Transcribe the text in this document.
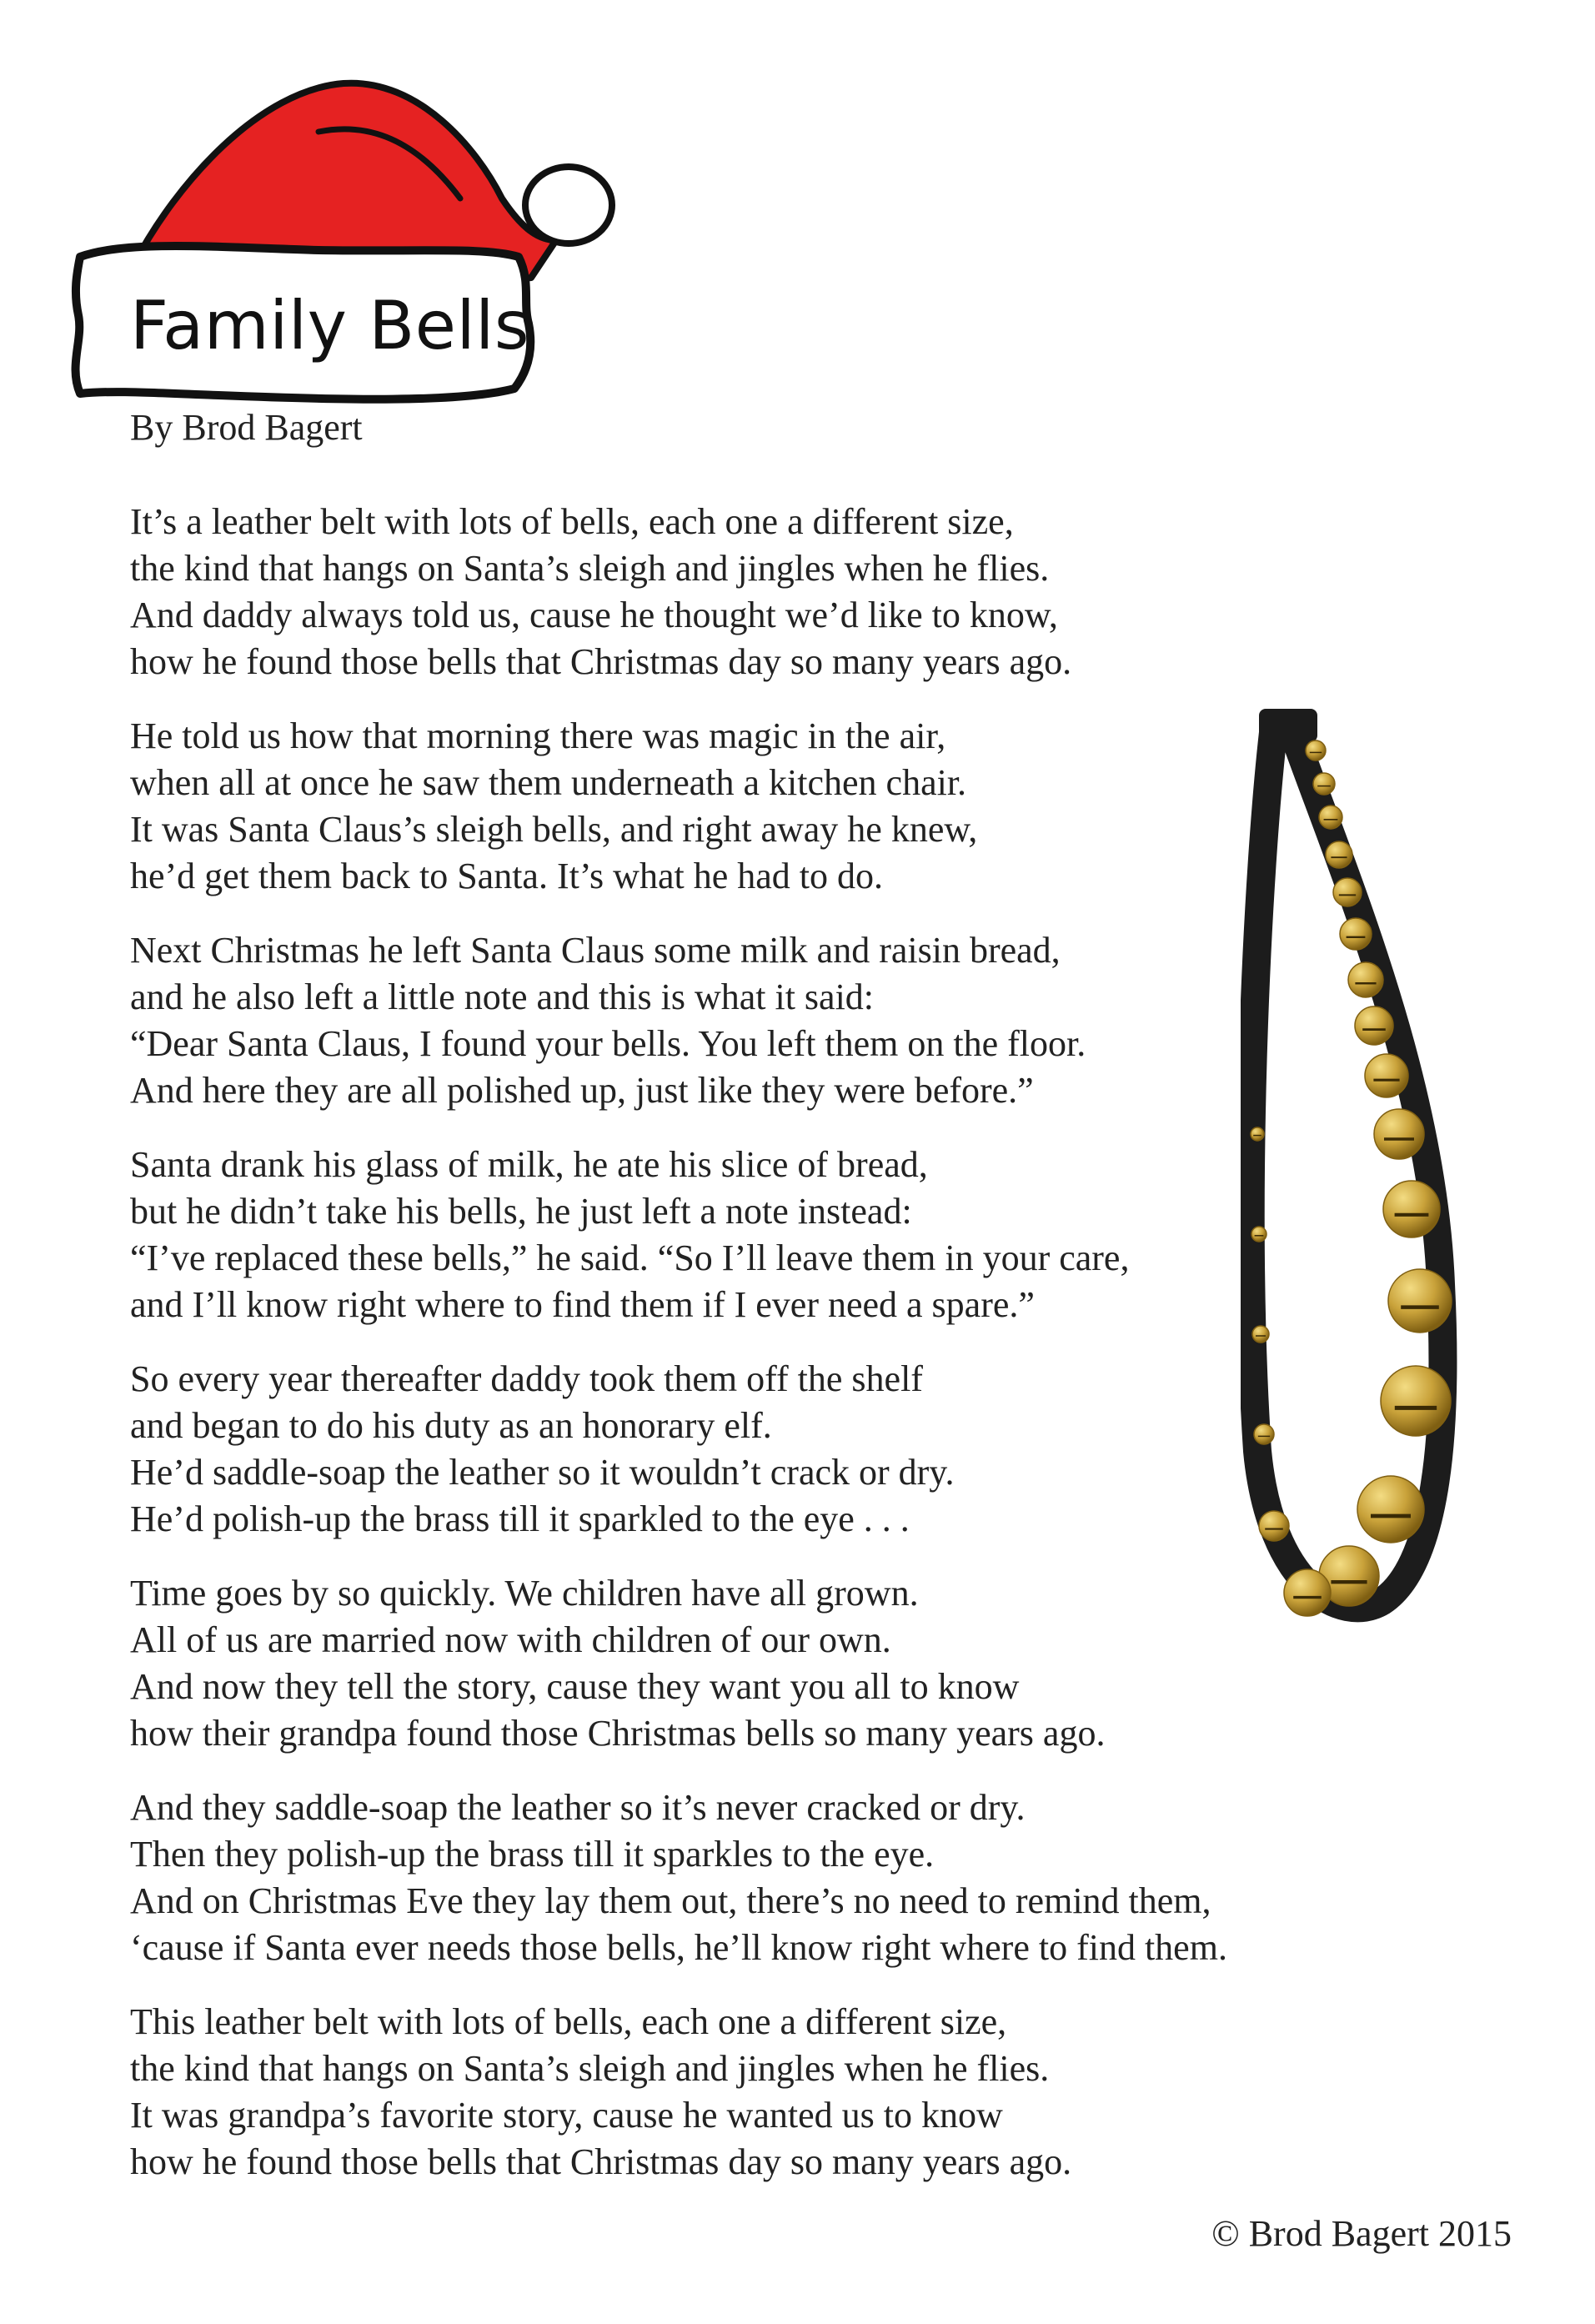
Family Bells
By Brod Bagert
It’s a leather belt with lots of bells, each one a different size,
the kind that hangs on Santa’s sleigh and jingles when he flies.
And daddy always told us, cause he thought we’d like to know,
how he found those bells that Christmas day so many years ago.
He told us how that morning there was magic in the air,
when all at once he saw them underneath a kitchen chair.
It was Santa Claus’s sleigh bells, and right away he knew,
he’d get them back to Santa. It’s what he had to do.
Next Christmas he left Santa Claus some milk and raisin bread,
and he also left a little note and this is what it said:
“Dear Santa Claus, I found your bells. You left them on the floor.
And here they are all polished up, just like they were before.”
Santa drank his glass of milk, he ate his slice of bread,
but he didn’t take his bells, he just left a note instead:
“I’ve replaced these bells,” he said. “So I’ll leave them in your care,
and I’ll know right where to find them if I ever need a spare.”
So every year thereafter daddy took them off the shelf
and began to do his duty as an honorary elf.
He’d saddle-soap the leather so it wouldn’t crack or dry.
He’d polish-up the brass till it sparkled to the eye . . .
Time goes by so quickly. We children have all grown.
All of us are married now with children of our own.
And now they tell the story, cause they want you all to know
how their grandpa found those Christmas bells so many years ago.
And they saddle-soap the leather so it’s never cracked or dry.
Then they polish-up the brass till it sparkles to the eye.
And on Christmas Eve they lay them out, there’s no need to remind them,
‘cause if Santa ever needs those bells, he’ll know right where to find them.
This leather belt with lots of bells, each one a different size,
the kind that hangs on Santa’s sleigh and jingles when he flies.
It was grandpa’s favorite story, cause he wanted us to know
how he found those bells that Christmas day so many years ago.
© Brod Bagert 2015
